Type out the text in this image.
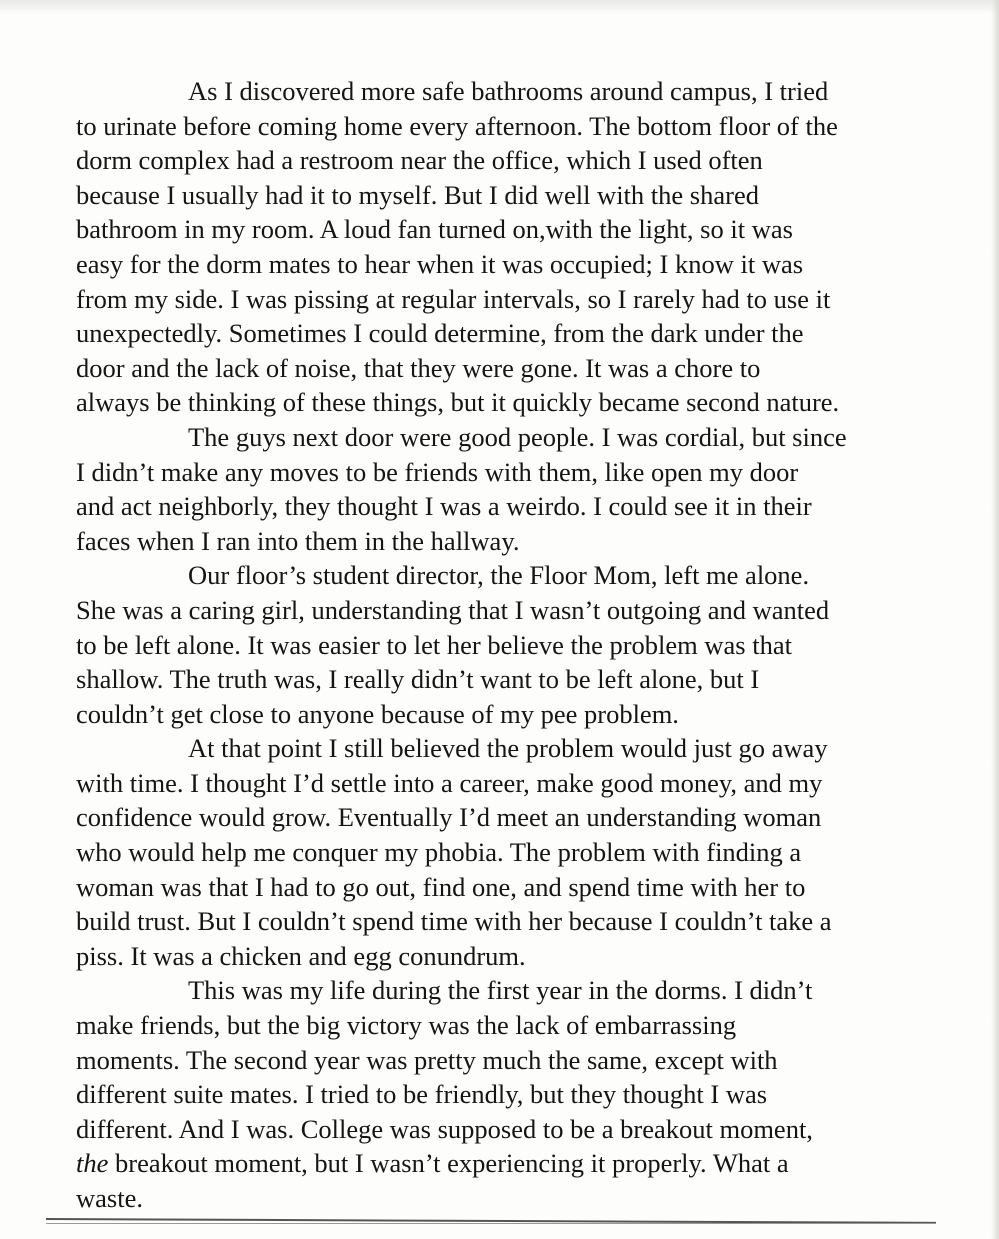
As I discovered more safe bathrooms around campus, I tried
to urinate before coming home every afternoon. The bottom floor of the
dorm complex had a restroom near the office, which I used often
because I usually had it to myself. But I did well with the shared
bathroom in my room. A loud fan turned on,with the light, so it was
easy for the dorm mates to hear when it was occupied; I know it was
from my side. I was pissing at regular intervals, so I rarely had to use it
unexpectedly. Sometimes I could determine, from the dark under the
door and the lack of noise, that they were gone. It was a chore to
always be thinking of these things, but it quickly became second nature.
The guys next door were good people. I was cordial, but since
I didn’t make any moves to be friends with them, like open my door
and act neighborly, they thought I was a weirdo. I could see it in their
faces when I ran into them in the hallway.
Our floor’s student director, the Floor Mom, left me alone.
She was a caring girl, understanding that I wasn’t outgoing and wanted
to be left alone. It was easier to let her believe the problem was that
shallow. The truth was, I really didn’t want to be left alone, but I
couldn’t get close to anyone because of my pee problem.
At that point I still believed the problem would just go away
with time. I thought I’d settle into a career, make good money, and my
confidence would grow. Eventually I’d meet an understanding woman
who would help me conquer my phobia. The problem with finding a
woman was that I had to go out, find one, and spend time with her to
build trust. But I couldn’t spend time with her because I couldn’t take a
piss. It was a chicken and egg conundrum.
This was my life during the first year in the dorms. I didn’t
make friends, but the big victory was the lack of embarrassing
moments. The second year was pretty much the same, except with
different suite mates. I tried to be friendly, but they thought I was
different. And I was. College was supposed to be a breakout moment,
the breakout moment, but I wasn’t experiencing it properly. What a
waste.
